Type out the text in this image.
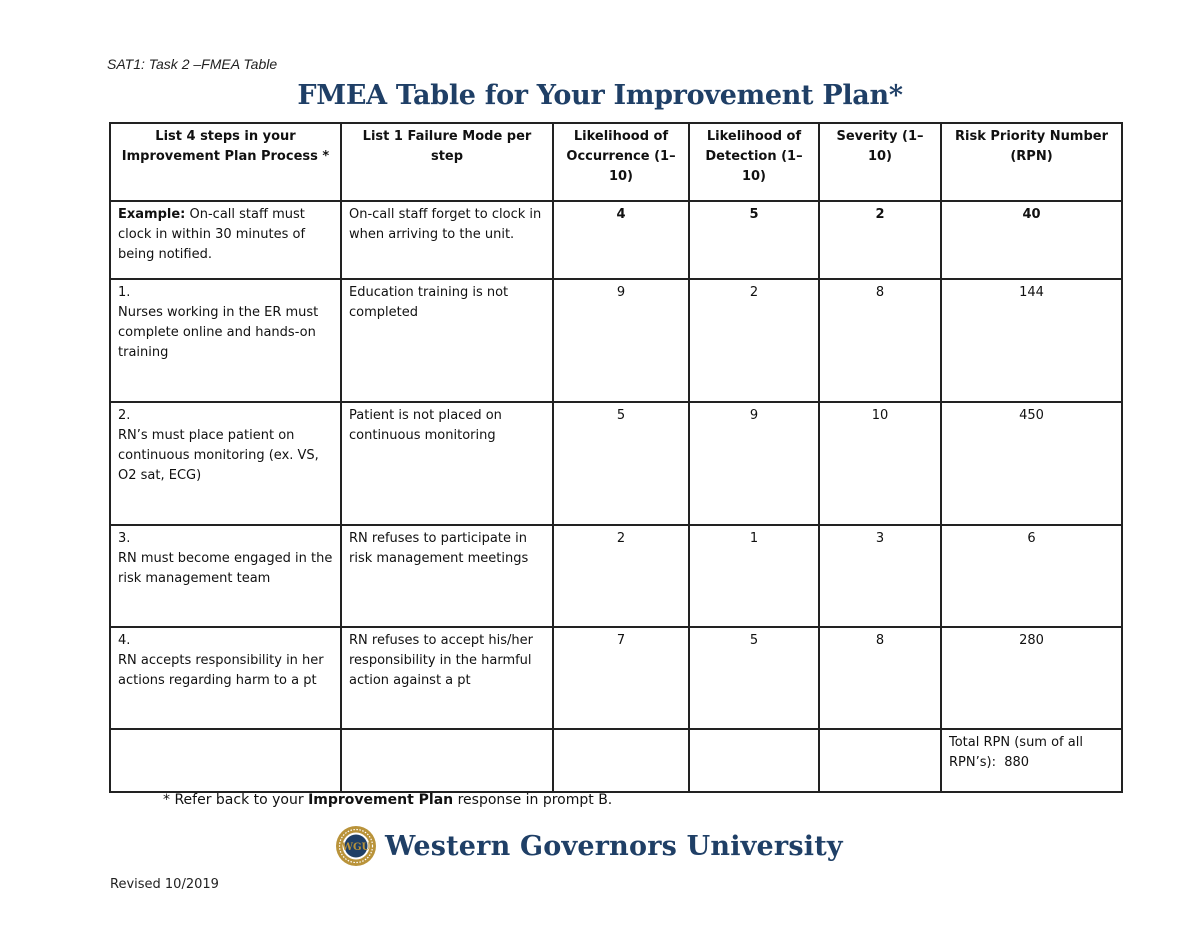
SAT1: Task 2 –FMEA Table
FMEA Table for Your Improvement Plan*
List 4 steps in your Improvement Plan Process *	List 1 Failure Mode per step	Likelihood of Occurrence (1–10)	Likelihood of Detection (1–10)	Severity (1–10)	Risk Priority Number (RPN)
Example: On-call staff must clock in within 30 minutes of being notified.	On-call staff forget to clock in when arriving to the unit.	4	5	2	40

1.
Nurses working in the ER must complete online and hands-on training	Education training is not completed	9	2	8	144

2.
RN’s must place patient on continuous monitoring (ex. VS, O2 sat, ECG)	Patient is not placed on continuous monitoring	5	9	10	450

3.
RN must become engaged in the risk management team	RN refuses to participate in risk management meetings	2	1	3	6

4.
RN accepts responsibility in her actions regarding harm to a pt	RN refuses to accept his/her responsibility in the harmful action against a pt	7	5	8	280
					Total RPN (sum of all RPN’s): 880
* Refer back to your Improvement Plan response in prompt B.
WGU Western Governors University
Revised 10/2019
